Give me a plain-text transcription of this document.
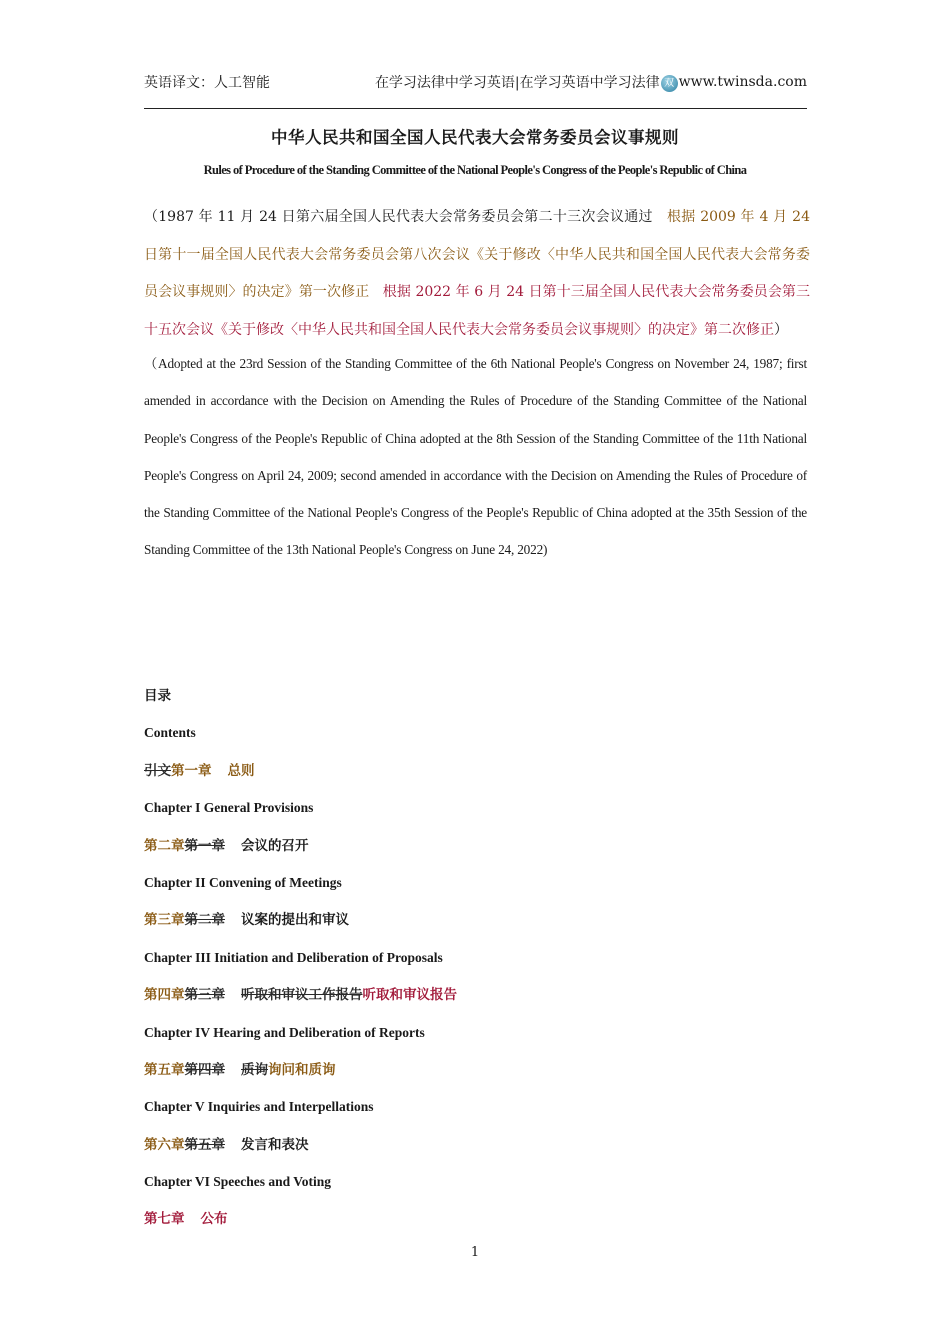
英语译文：人工智能	在学习法律中学习英语|在学习英语中学习法律 双 www.twinsda.com
中华人民共和国全国人民代表大会常务委员会议事规则
Rules of Procedure of the Standing Committee of the National People's Congress of the People's Republic of China
（1987 年 11 月 24 日第六届全国人民代表大会常务委员会第二十三次会议通过 根据 2009 年 4 月 24 日第十一届全国人民代表大会常务委员会第八次会议《关于修改〈中华人民共和国全国人民代表大会常务委员会议事规则〉的决定》第一次修正 根据 2022 年 6 月 24 日第十三届全国人民代表大会常务委员会第三十五次会议《关于修改〈中华人民共和国全国人民代表大会常务委员会议事规则〉的决定》第二次修正）
（Adopted at the 23rd Session of the Standing Committee of the 6th National People's Congress on November 24, 1987; first amended in accordance with the Decision on Amending the Rules of Procedure of the Standing Committee of the National People's Congress of the People's Republic of China adopted at the 8th Session of the Standing Committee of the 11th National People's Congress on April 24, 2009; second amended in accordance with the Decision on Amending the Rules of Procedure of the Standing Committee of the National People's Congress of the People's Republic of China adopted at the 35th Session of the Standing Committee of the 13th National People's Congress on June 24, 2022)
目录
Contents
引文第一章 总则
Chapter I General Provisions
第二章第一章 会议的召开
Chapter II Convening of Meetings
第三章第二章 议案的提出和审议
Chapter III Initiation and Deliberation of Proposals
第四章第三章 听取和审议工作报告听取和审议报告
Chapter IV Hearing and Deliberation of Reports
第五章第四章 质询询问和质询
Chapter V Inquiries and Interpellations
第六章第五章 发言和表决
Chapter VI Speeches and Voting
第七章 公布
1
